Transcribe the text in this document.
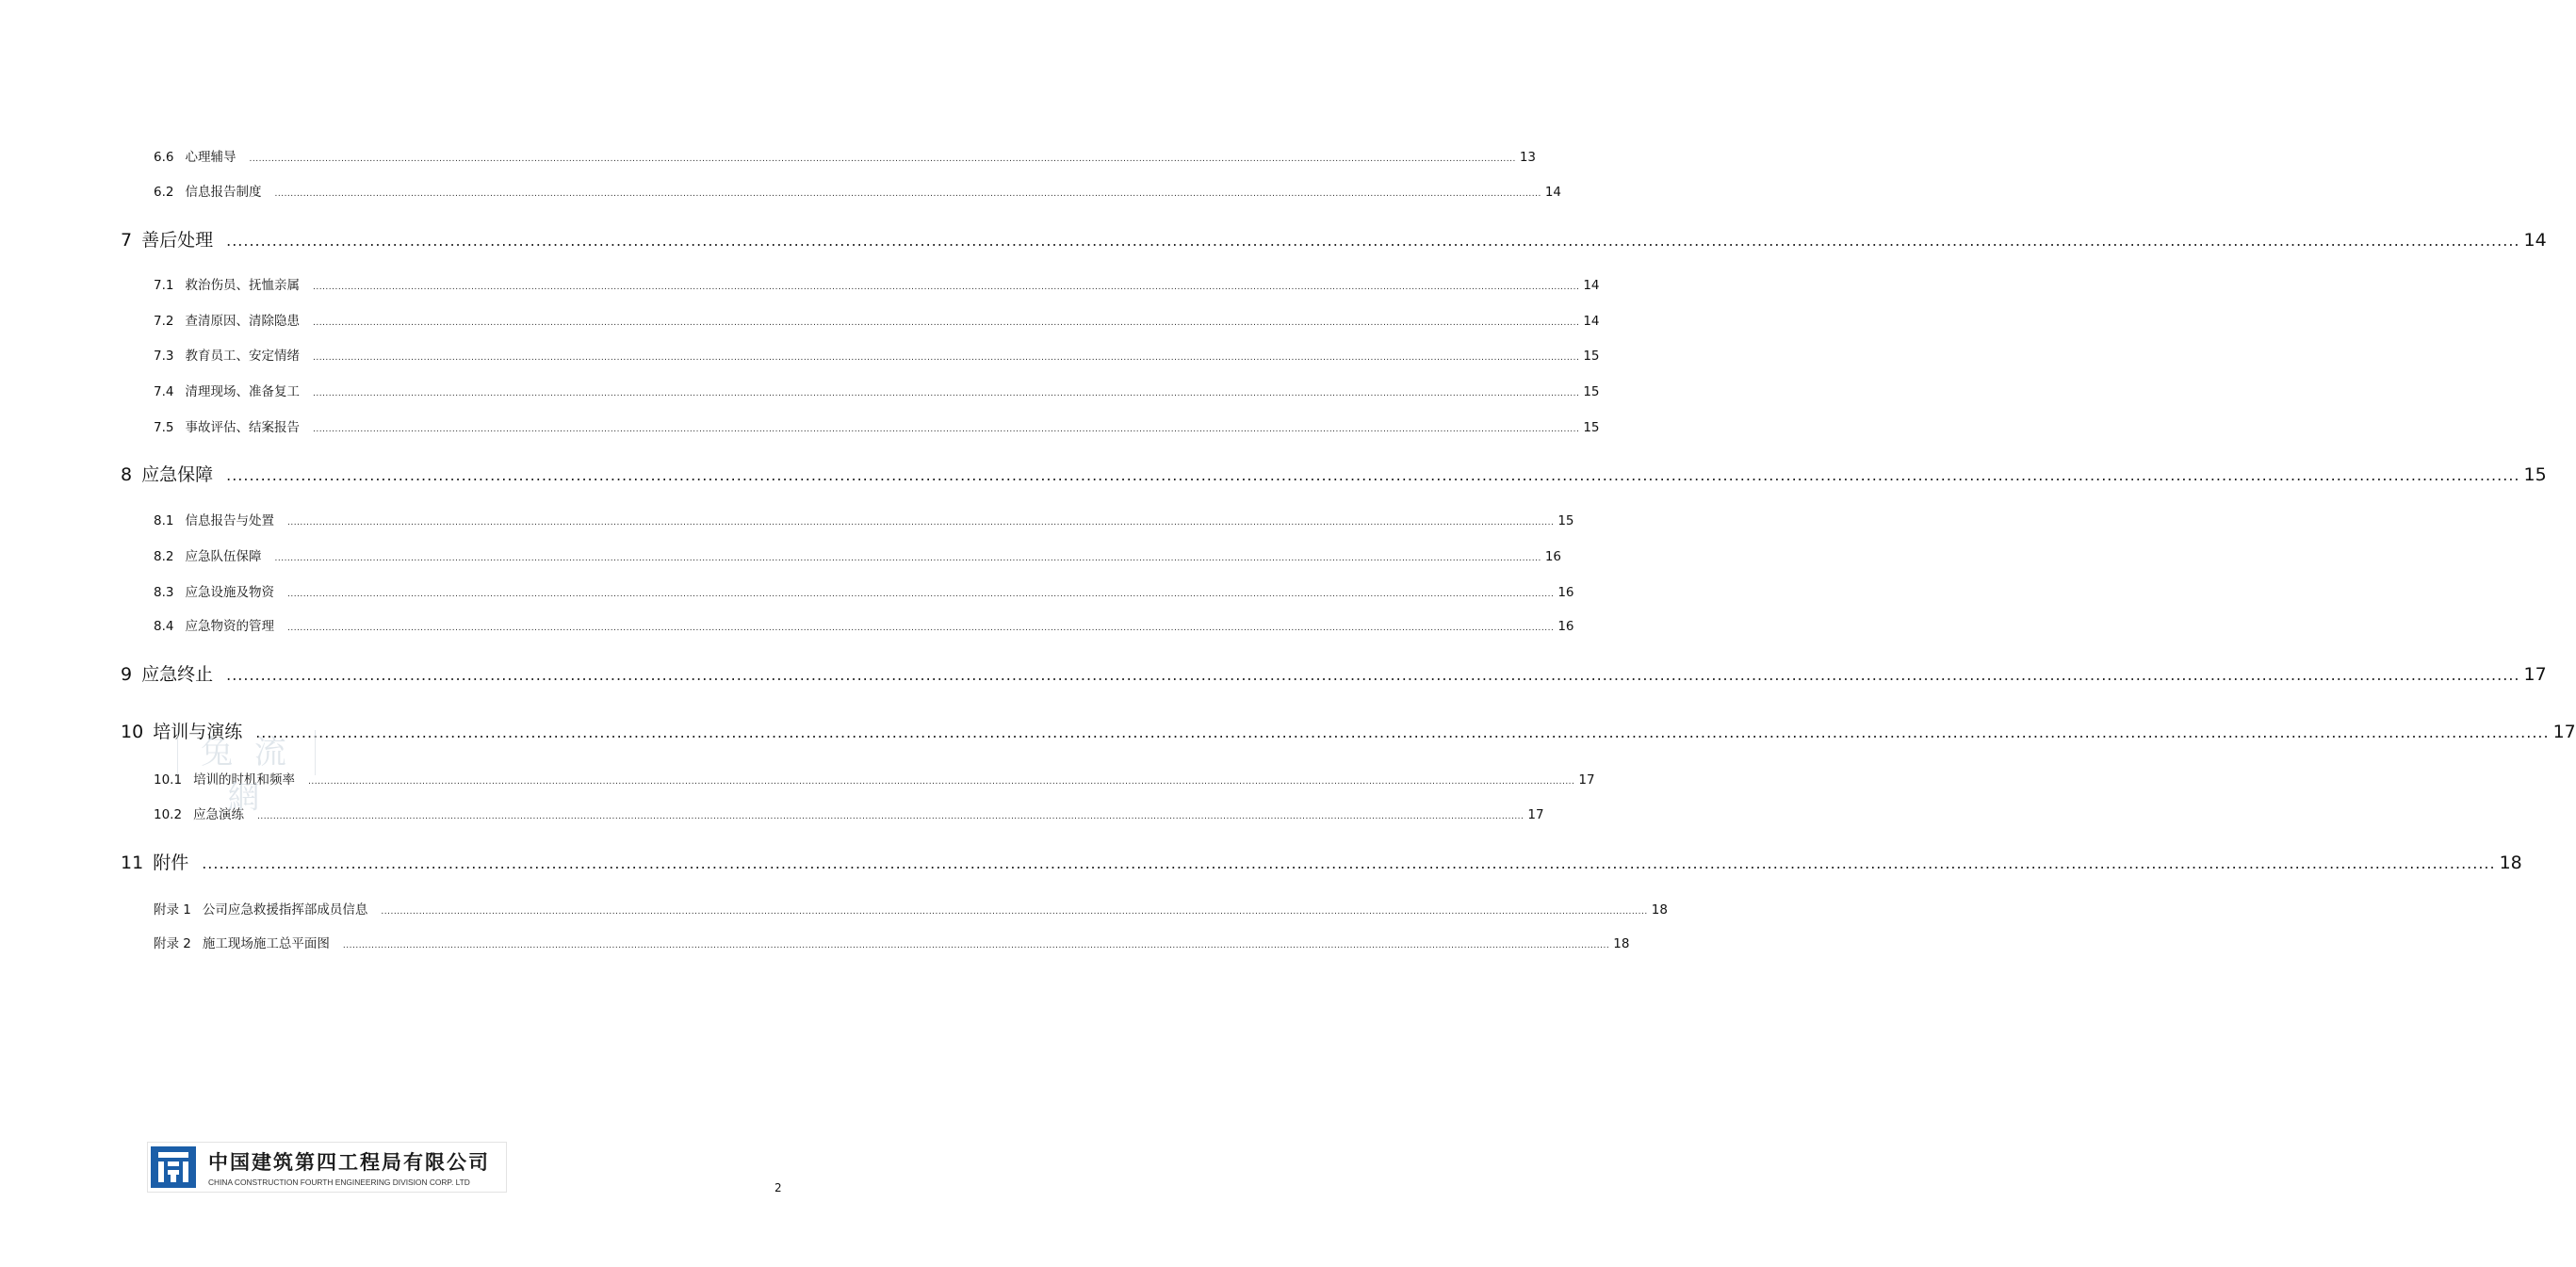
6.6 心理辅导 ................................................................................................................................................................................................................................................................................................................................................................................................................ 13
6.2 信息报告制度 ................................................................................................................................................................................................................................................................................................................................................................................................................ 14
7 善后处理 ................................................................................................................................................................................................................................................................................................................................................................................................................ 14
7.1 救治伤员、抚恤亲属 ................................................................................................................................................................................................................................................................................................................................................................................................................ 14
7.2 查清原因、清除隐患 ................................................................................................................................................................................................................................................................................................................................................................................................................ 14
7.3 教育员工、安定情绪 ................................................................................................................................................................................................................................................................................................................................................................................................................ 15
7.4 清理现场、准备复工 ................................................................................................................................................................................................................................................................................................................................................................................................................ 15
7.5 事故评估、结案报告 ................................................................................................................................................................................................................................................................................................................................................................................................................ 15
8 应急保障 ................................................................................................................................................................................................................................................................................................................................................................................................................ 15
8.1 信息报告与处置 ................................................................................................................................................................................................................................................................................................................................................................................................................ 15
8.2 应急队伍保障 ................................................................................................................................................................................................................................................................................................................................................................................................................ 16
8.3 应急设施及物资 ................................................................................................................................................................................................................................................................................................................................................................................................................ 16
8.4 应急物资的管理 ................................................................................................................................................................................................................................................................................................................................................................................................................ 16
9 应急终止 ................................................................................................................................................................................................................................................................................................................................................................................................................ 17
10 培训与演练 ................................................................................................................................................................................................................................................................................................................................................................................................................ 17
10.1 培训的时机和频率 ................................................................................................................................................................................................................................................................................................................................................................................................................ 17
10.2 应急演练 ................................................................................................................................................................................................................................................................................................................................................................................................................ 17
11 附件 ................................................................................................................................................................................................................................................................................................................................................................................................................ 18
附录 1 公司应急救援指挥部成员信息 ................................................................................................................................................................................................................................................................................................................................................................................................................ 18
附录 2 施工现场施工总平面图 ................................................................................................................................................................................................................................................................................................................................................................................................................ 18
兔 流 網
中国建筑第四工程局有限公司
CHINA CONSTRUCTION FOURTH ENGINEERING DIVISION CORP. LTD	2
